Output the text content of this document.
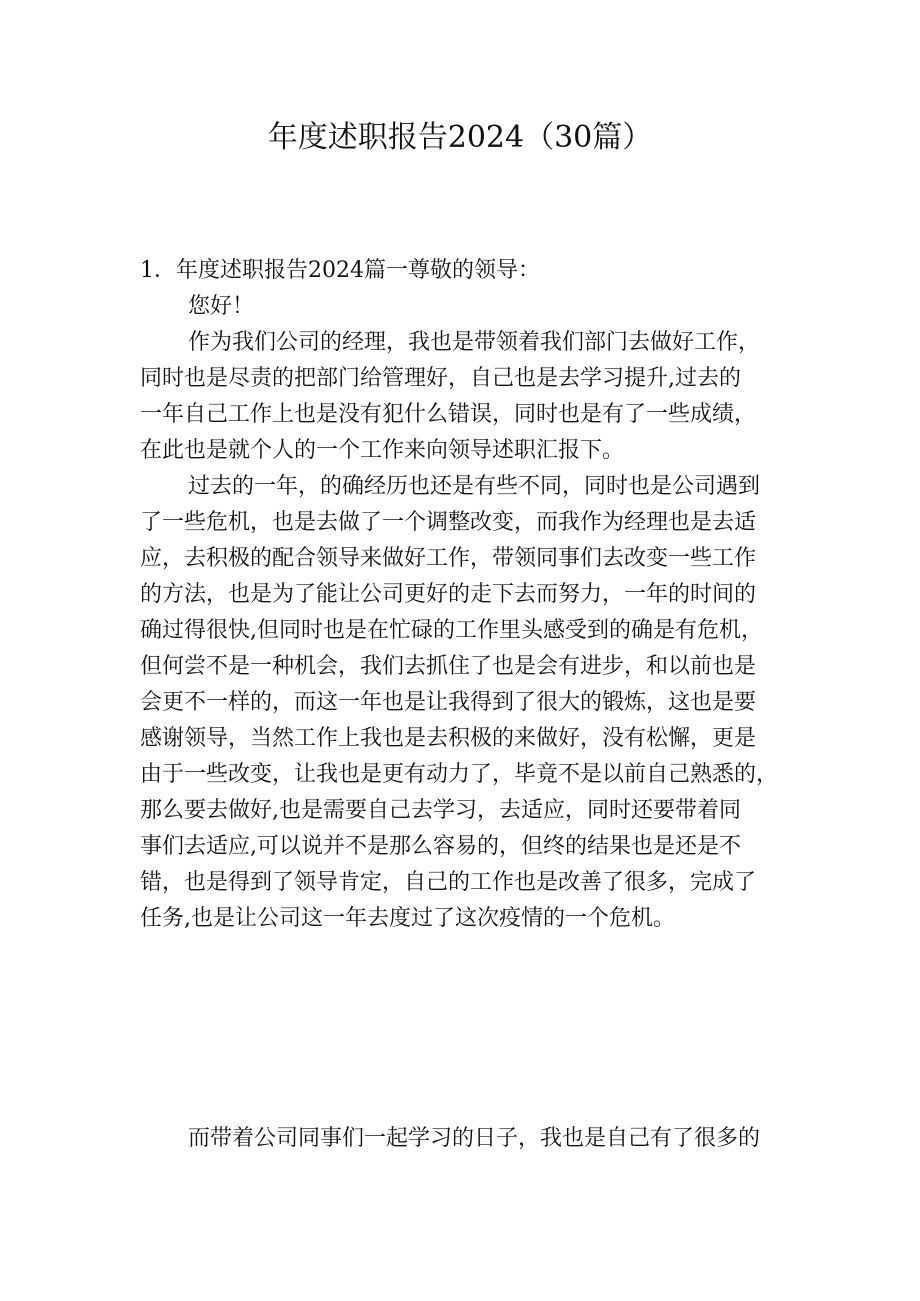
年度述职报告2024（30篇）
1．年度述职报告2024篇一尊敬的领导：
您好！
作为我们公司的经理，我也是带领着我们部门去做好工作，
同时也是尽责的把部门给管理好，自己也是去学习提升,过去的
一年自己工作上也是没有犯什么错误，同时也是有了一些成绩，
在此也是就个人的一个工作来向领导述职汇报下。
过去的一年，的确经历也还是有些不同，同时也是公司遇到
了一些危机，也是去做了一个调整改变，而我作为经理也是去适
应，去积极的配合领导来做好工作，带领同事们去改变一些工作
的方法，也是为了能让公司更好的走下去而努力，一年的时间的
确过得很快,但同时也是在忙碌的工作里头感受到的确是有危机，
但何尝不是一种机会，我们去抓住了也是会有进步，和以前也是
会更不一样的，而这一年也是让我得到了很大的锻炼，这也是要
感谢领导，当然工作上我也是去积极的来做好，没有松懈，更是
由于一些改变，让我也是更有动力了，毕竟不是以前自己熟悉的，
那么要去做好,也是需要自己去学习，去适应，同时还要带着同
事们去适应,可以说并不是那么容易的，但终的结果也是还是不
错，也是得到了领导肯定，自己的工作也是改善了很多，完成了
任务,也是让公司这一年去度过了这次疫情的一个危机。
而带着公司同事们一起学习的日子，我也是自己有了很多的
